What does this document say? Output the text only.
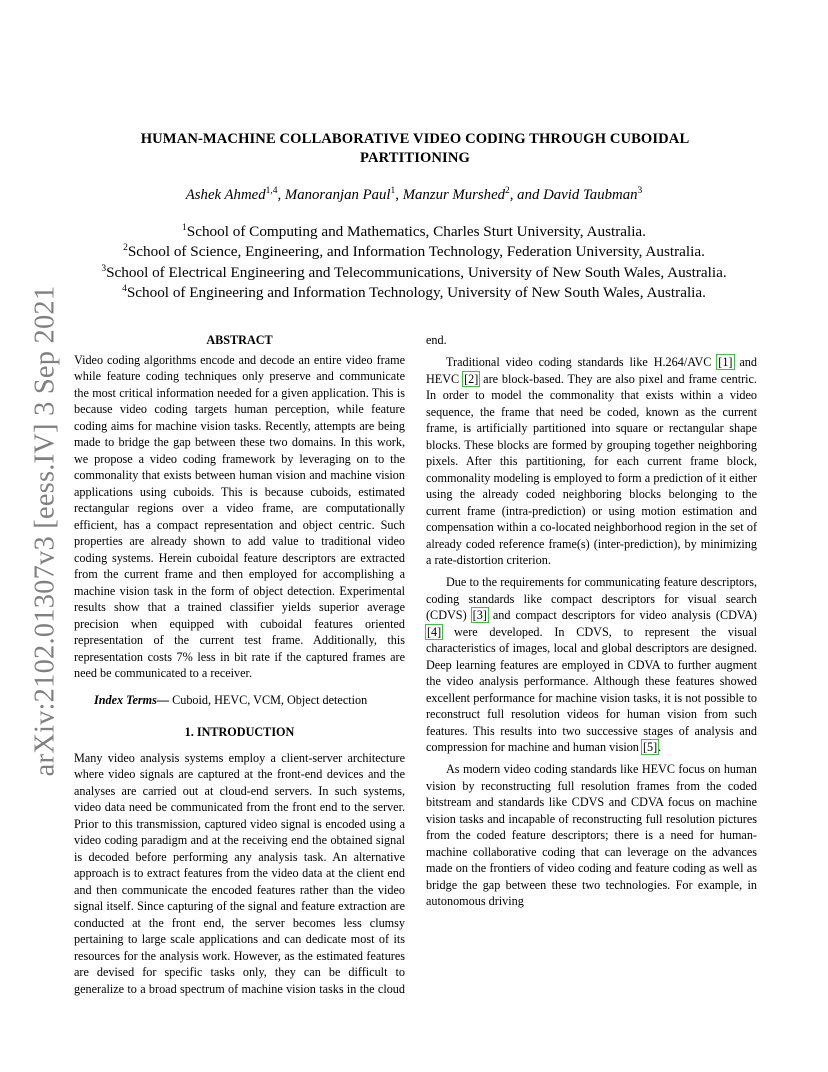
arXiv:2102.01307v3 [eess.IV] 3 Sep 2021
HUMAN-MACHINE COLLABORATIVE VIDEO CODING THROUGH CUBOIDAL
PARTITIONING
Ashek Ahmed$^{1,4}$, Manoranjan Paul$^1$, Manzur Murshed$^2$, and David Taubman$^3$
$^1$School of Computing and Mathematics, Charles Sturt University, Australia.
$^2$School of Science, Engineering, and Information Technology, Federation University, Australia.
$^3$School of Electrical Engineering and Telecommunications, University of New South Wales, Australia.
$^4$School of Engineering and Information Technology, University of New South Wales, Australia.
ABSTRACT

Video coding algorithms encode and decode an entire video frame while feature coding techniques only preserve and communicate the most critical information needed for a given application. This is because video coding targets human perception, while feature coding aims for machine vision tasks. Recently, attempts are being made to bridge the gap between these two domains. In this work, we propose a video coding framework by leveraging on to the commonality that exists between human vision and machine vision applications using cuboids. This is because cuboids, estimated rectangular regions over a video frame, are computationally efficient, has a compact representation and object centric. Such properties are already shown to add value to traditional video coding systems. Herein cuboidal feature descriptors are extracted from the current frame and then employed for accomplishing a machine vision task in the form of object detection. Experimental results show that a trained classifier yields superior average precision when equipped with cuboidal features oriented representation of the current test frame. Additionally, this representation costs 7% less in bit rate if the captured frames are need be communicated to a receiver.

Index Terms— Cuboid, HEVC, VCM, Object detection

1. INTRODUCTION

Many video analysis systems employ a client-server architecture where video signals are captured at the front-end devices and the analyses are carried out at cloud-end servers. In such systems, video data need be communicated from the front end to the server. Prior to this transmission, captured video signal is encoded using a video coding paradigm and at the receiving end the obtained signal is decoded before performing any analysis task. An alternative approach is to extract features from the video data at the client end and then communicate the encoded features rather than the video signal itself. Since capturing of the signal and feature extraction are conducted at the front end, the server becomes less clumsy pertaining to large scale applications and can dedicate most of its resources for the analysis work. However, as the estimated features are devised for specific tasks only, they can be difficult to generalize to a broad spectrum of machine vision tasks in the cloud

end.

Traditional video coding standards like H.264/AVC [1] and HEVC [2] are block-based. They are also pixel and frame centric. In order to model the commonality that exists within a video sequence, the frame that need be coded, known as the current frame, is artificially partitioned into square or rectangular shape blocks. These blocks are formed by grouping together neighboring pixels. After this partitioning, for each current frame block, commonality modeling is employed to form a prediction of it either using the already coded neighboring blocks belonging to the current frame (intra-prediction) or using motion estimation and compensation within a co-located neighborhood region in the set of already coded reference frame(s) (inter-prediction), by minimizing a rate-distortion criterion.

Due to the requirements for communicating feature descriptors, coding standards like compact descriptors for visual search (CDVS) [3] and compact descriptors for video analysis (CDVA) [4] were developed. In CDVS, to represent the visual characteristics of images, local and global descriptors are designed. Deep learning features are employed in CDVA to further augment the video analysis performance. Although these features showed excellent performance for machine vision tasks, it is not possible to reconstruct full resolution videos for human vision from such features. This results into two successive stages of analysis and compression for machine and human vision [5].

As modern video coding standards like HEVC focus on human vision by reconstructing full resolution frames from the coded bitstream and standards like CDVS and CDVA focus on machine vision tasks and incapable of reconstructing full resolution pictures from the coded feature descriptors; there is a need for human-machine collaborative coding that can leverage on the advances made on the frontiers of video coding and feature coding as well as bridge the gap between these two technologies. For example, in autonomous driving
